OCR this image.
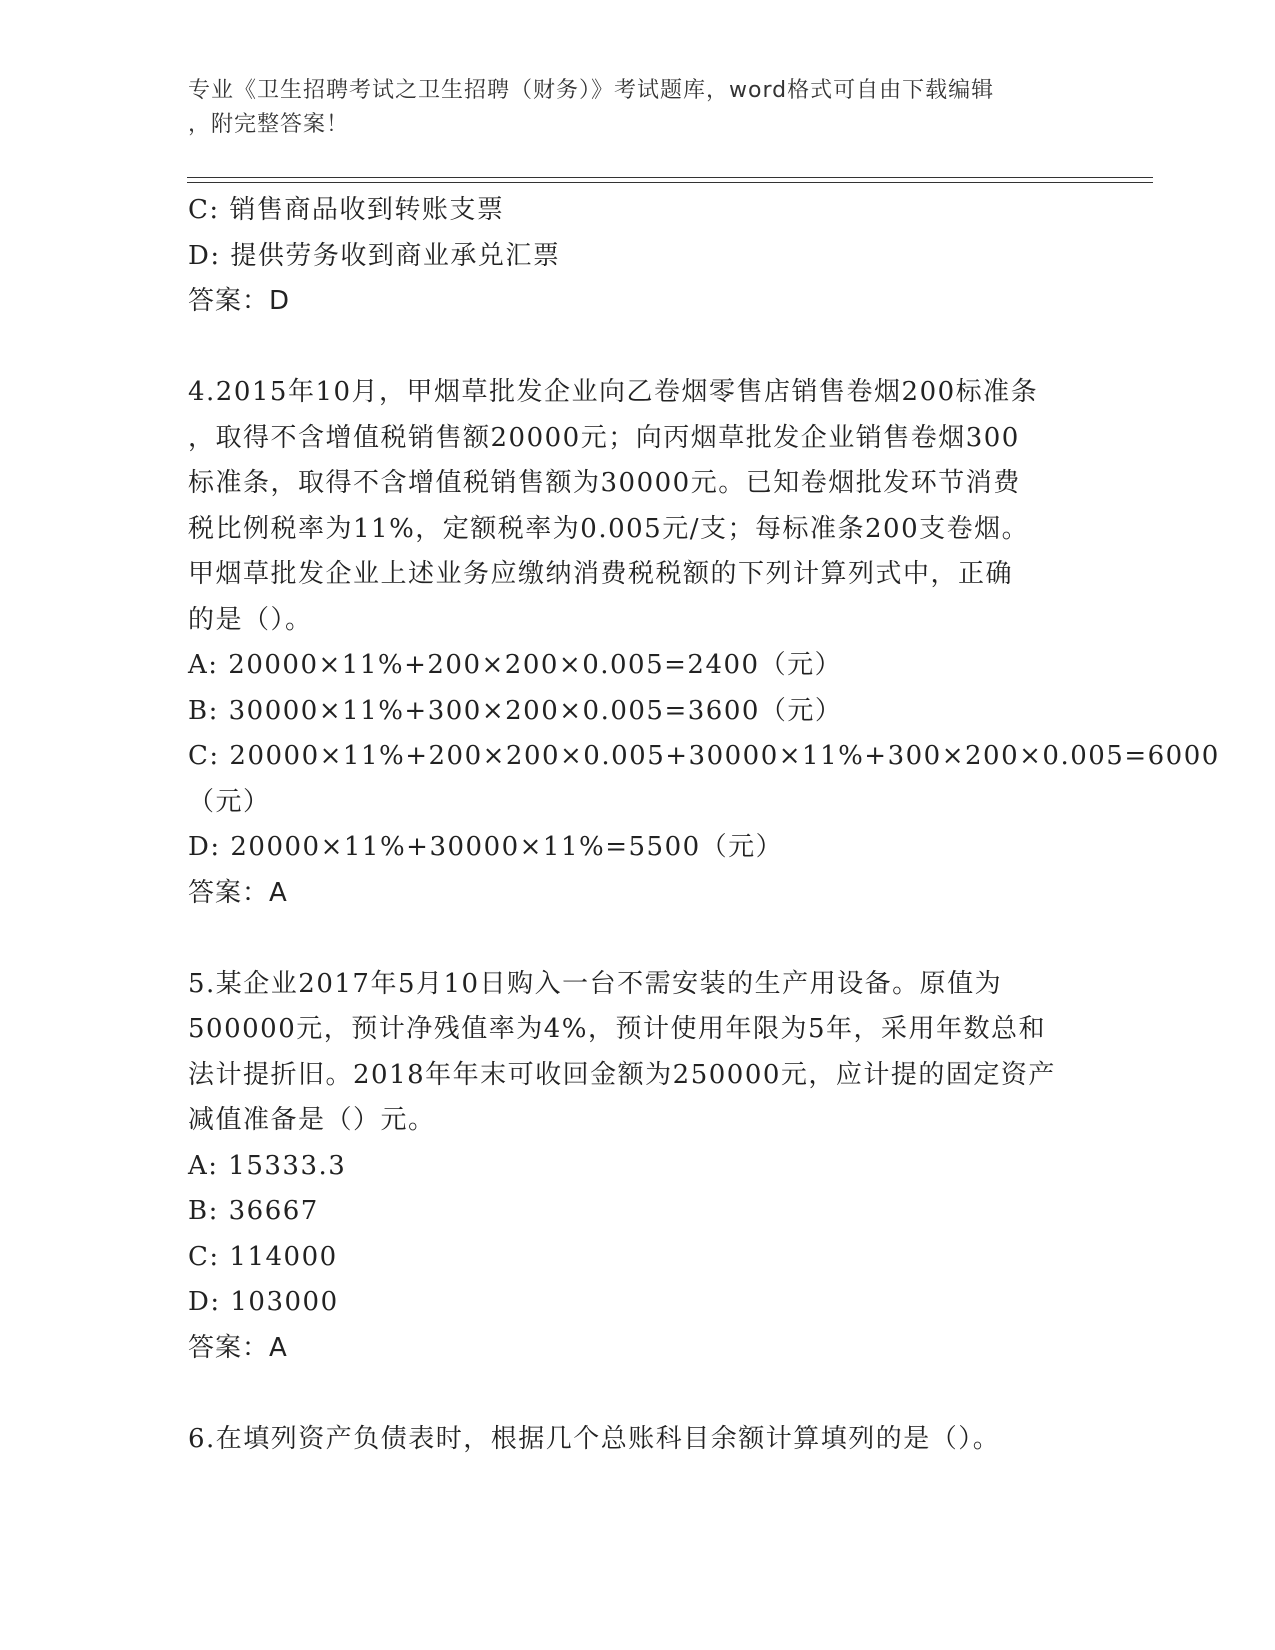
专业《卫生招聘考试之卫生招聘（财务）》考试题库，word格式可自由下载编辑
，附完整答案！
C: 销售商品收到转账支票
D: 提供劳务收到商业承兑汇票
答案：D
4.2015年10月，甲烟草批发企业向乙卷烟零售店销售卷烟200标准条
，取得不含增值税销售额20000元；向丙烟草批发企业销售卷烟300
标准条，取得不含增值税销售额为30000元。已知卷烟批发环节消费
税比例税率为11%，定额税率为0.005元/支；每标准条200支卷烟。
甲烟草批发企业上述业务应缴纳消费税税额的下列计算列式中，正确
的是（）。
A: 20000×11%+200×200×0.005=2400（元）
B: 30000×11%+300×200×0.005=3600（元）
C: 20000×11%+200×200×0.005+30000×11%+300×200×0.005=6000
（元）
D: 20000×11%+30000×11%=5500（元）
答案：A
5.某企业2017年5月10日购入一台不需安装的生产用设备。原值为
500000元，预计净残值率为4%，预计使用年限为5年，采用年数总和
法计提折旧。2018年年末可收回金额为250000元，应计提的固定资产
减值准备是（）元。
A: 15333.3
B: 36667
C: 114000
D: 103000
答案：A
6.在填列资产负债表时，根据几个总账科目余额计算填列的是（）。
